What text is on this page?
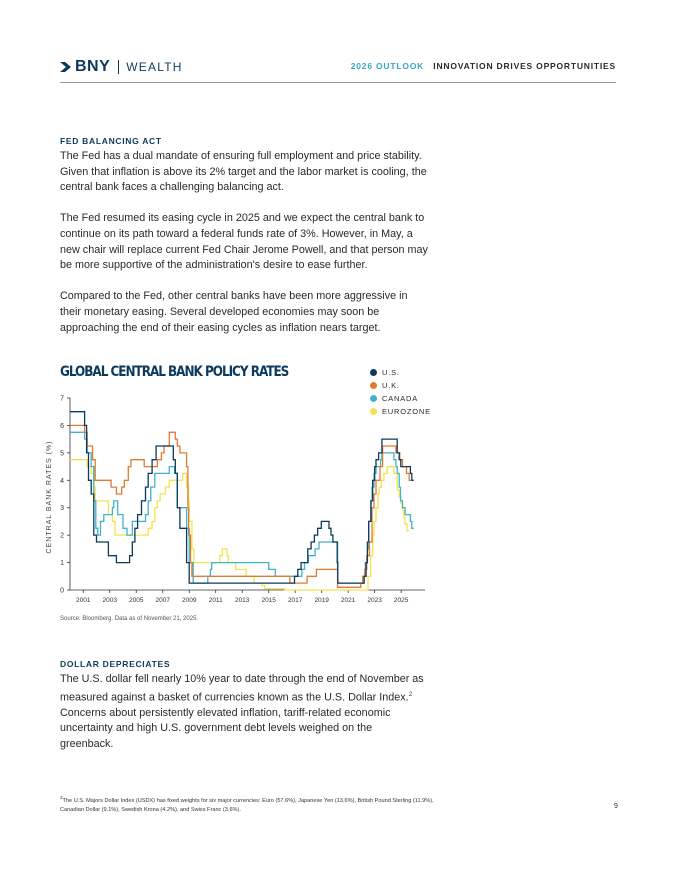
BNY WEALTH	2026 OUTLOOK INNOVATION DRIVES OPPORTUNITIES
FED BALANCING ACT

The Fed has a dual mandate of ensuring full employment and price stability. Given that inflation is above its 2% target and the labor market is cooling, the central bank faces a challenging balancing act.

The Fed resumed its easing cycle in 2025 and we expect the central bank to continue on its path toward a federal funds rate of 3%. However, in May, a new chair will replace current Fed Chair Jerome Powell, and that person may be more supportive of the administration's desire to ease further.

Compared to the Fed, other central banks have been more aggressive in their monetary easing. Several developed economies may soon be approaching the end of their easing cycles as inflation nears target.

GLOBAL CENTRAL BANK POLICY RATES	U.S.
U.K.
CANADA
EUROZONE
CENTRAL BANK RATES (%)
0
1
2
3
4
5
6
7
2001 2003 2005 2007 2009 2011 2013 2015 2017 2019 2021 2023 2025
Source: Bloomberg. Data as of November 21, 2025.
DOLLAR DEPRECIATES

The U.S. dollar fell nearly 10% year to date through the end of November as measured against a basket of currencies known as the U.S. Dollar Index.$^2$ Concerns about persistently elevated inflation, tariff-related economic uncertainty and high U.S. government debt levels weighed on the greenback.

$^2$The U.S. Majors Dollar Index (USDX) has fixed weights for six major currencies: Euro (57.6%), Japanese Yen (13.6%), British Pound Sterling (11.9%), Canadian Dollar (9.1%), Swedish Krona (4.2%), and Swiss Franc (3.6%).	9
